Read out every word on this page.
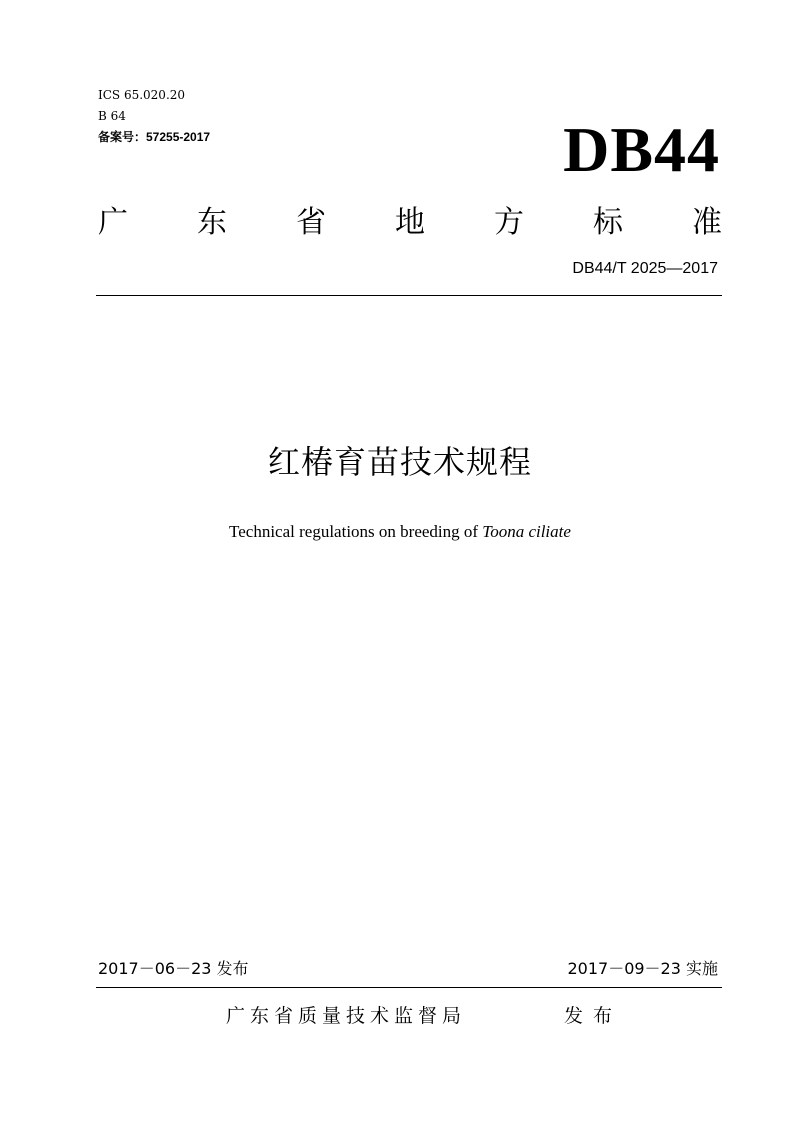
ICS 65.020.20
B 64
备案号：57255-2017	DB44
广 东 省 地 方 标 准
DB44/T 2025—2017
红椿育苗技术规程
Technical regulations on breeding of Toona ciliate
2017－06－23 发布	2017－09－23 实施
广东省质量技术监督局	发布
